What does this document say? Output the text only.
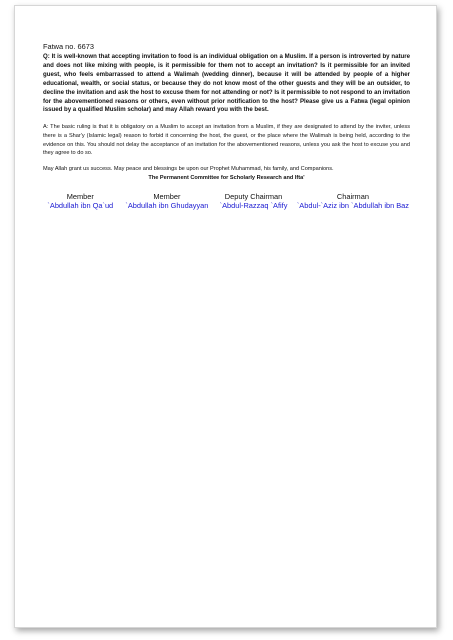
Fatwa no. 6673

Q: It is well-known that accepting invitation to food is an individual obligation on a Muslim. If a person is introverted by nature and does not like mixing with people, is it permissible for them not to accept an invitation? Is it permissible for an invited guest, who feels embarrassed to attend a Walimah (wedding dinner), because it will be attended by people of a higher educational, wealth, or social status, or because they do not know most of the other guests and they will be an outsider, to decline the invitation and ask the host to excuse them for not attending or not? Is it permissible to not respond to an invitation for the abovementioned reasons or others, even without prior notification to the host? Please give us a Fatwa (legal opinion issued by a qualified Muslim scholar) and may Allah reward you with the best.

A: The basic ruling is that it is obligatory on a Muslim to accept an invitation from a Muslim, if they are designated to attend by the inviter, unless there is a Shar'y (Islamic legal) reason to forbid it concerning the host, the guest, or the place where the Walimah is being held, according to the evidence on this. You should not delay the acceptance of an invitation for the abovementioned reasons, unless you ask the host to excuse you and they agree to do so.

May Allah grant us success. May peace and blessings be upon our Prophet Muhammad, his family, and Companions.

The Permanent Committee for Scholarly Research and Ifta'

Member
`Abdullah ibn Qa`ud
Member
`Abdullah ibn Ghudayyan
Deputy Chairman
`Abdul-Razzaq `Afify
Chairman
`Abdul-`Aziz ibn `Abdullah ibn Baz
